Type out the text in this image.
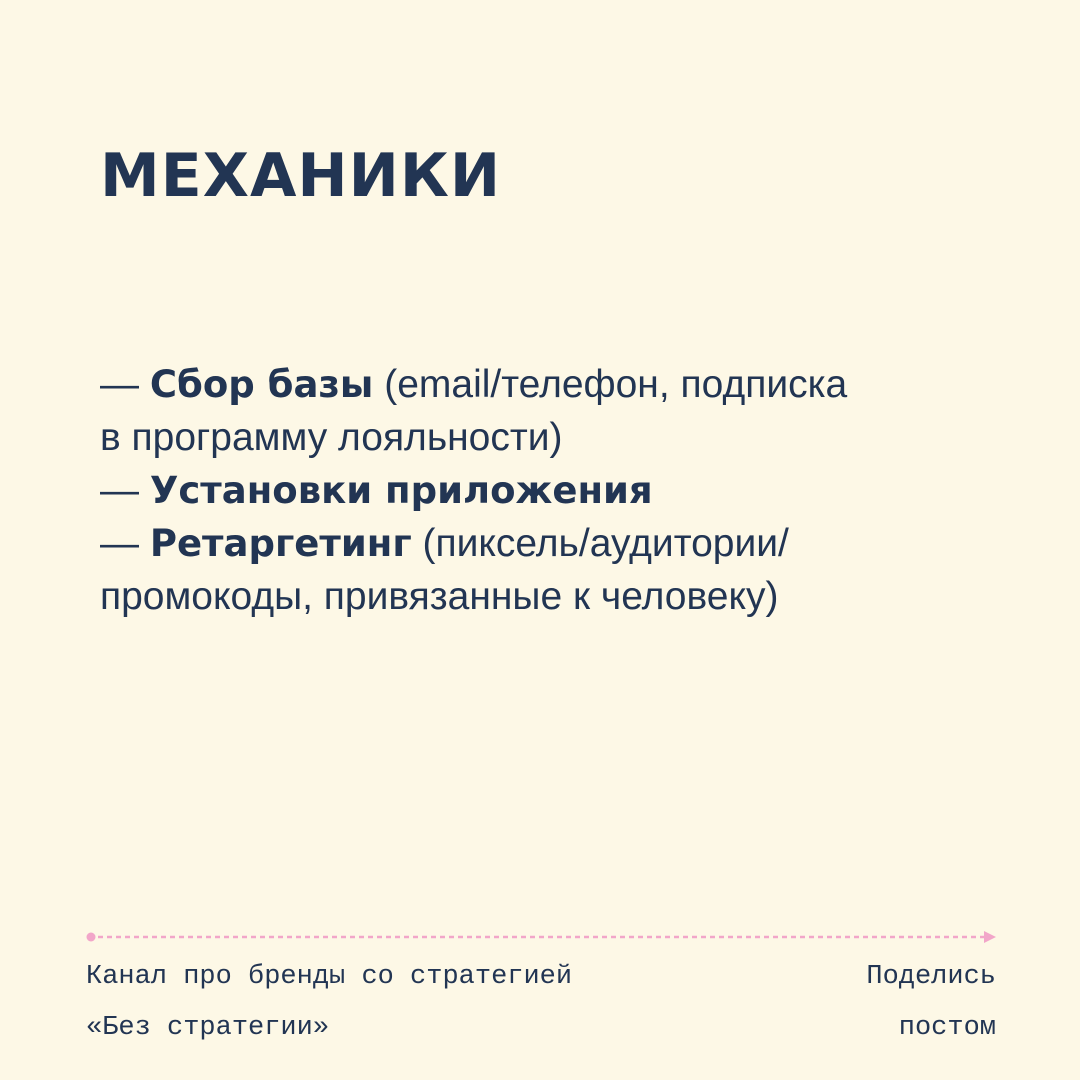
МЕХАНИКИ
— Сбор базы (email/телефон, подписка
в программу лояльности)
— Установки приложения
— Ретаргетинг (пиксель/аудитории/
промокоды, привязанные к человеку)
Канал про бренды со стратегией
«Без стратегии»
Поделись
постом
